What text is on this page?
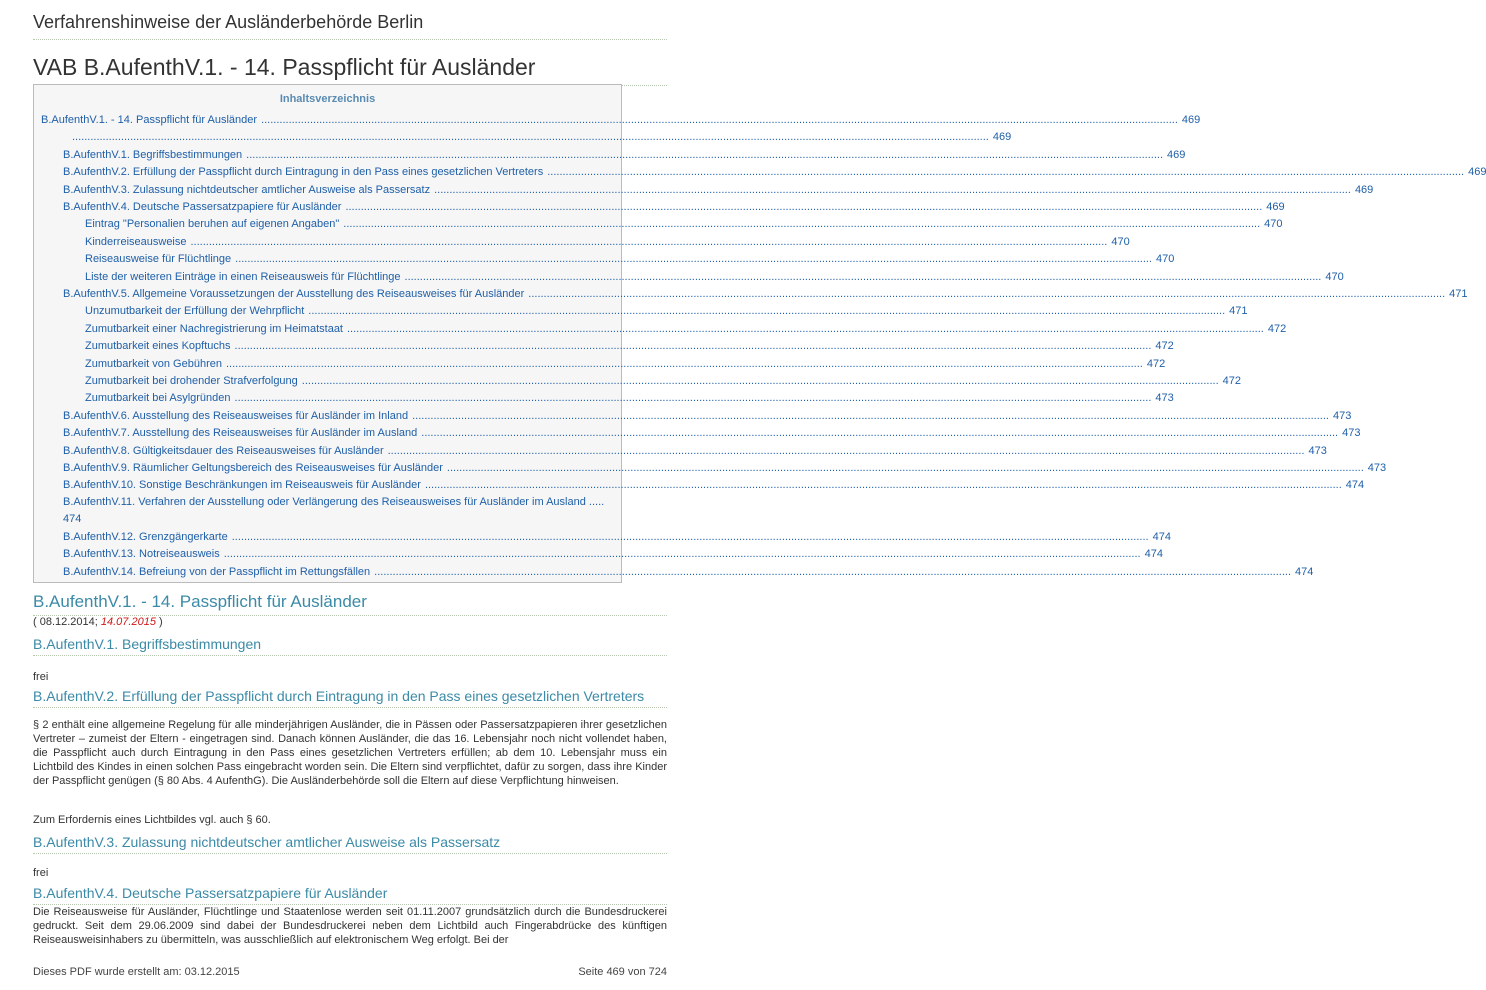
Verfahrenshinweise der Ausländerbehörde Berlin
VAB B.AufenthV.1. - 14. Passpflicht für Ausländer
Inhaltsverzeichnis
B.AufenthV.1. - 14. Passpflicht für Ausländer ............................................................................................................................................................................................................................................................................................................ 469
............................................................................................................................................................................................................................................................................................................ 469
B.AufenthV.1. Begriffsbestimmungen ............................................................................................................................................................................................................................................................................................................ 469
B.AufenthV.2. Erfüllung der Passpflicht durch Eintragung in den Pass eines gesetzlichen Vertreters ............................................................................................................................................................................................................................................................................................................ 469
B.AufenthV.3. Zulassung nichtdeutscher amtlicher Ausweise als Passersatz ............................................................................................................................................................................................................................................................................................................ 469
B.AufenthV.4. Deutsche Passersatzpapiere für Ausländer ............................................................................................................................................................................................................................................................................................................ 469
Eintrag "Personalien beruhen auf eigenen Angaben" ............................................................................................................................................................................................................................................................................................................ 470
Kinderreiseausweise ............................................................................................................................................................................................................................................................................................................ 470
Reiseausweise für Flüchtlinge ............................................................................................................................................................................................................................................................................................................ 470
Liste der weiteren Einträge in einen Reiseausweis für Flüchtlinge ............................................................................................................................................................................................................................................................................................................ 470
B.AufenthV.5. Allgemeine Voraussetzungen der Ausstellung des Reiseausweises für Ausländer ............................................................................................................................................................................................................................................................................................................ 471
Unzumutbarkeit der Erfüllung der Wehrpflicht ............................................................................................................................................................................................................................................................................................................ 471
Zumutbarkeit einer Nachregistrierung im Heimatstaat ............................................................................................................................................................................................................................................................................................................ 472
Zumutbarkeit eines Kopftuchs ............................................................................................................................................................................................................................................................................................................ 472
Zumutbarkeit von Gebühren ............................................................................................................................................................................................................................................................................................................ 472
Zumutbarkeit bei drohender Strafverfolgung ............................................................................................................................................................................................................................................................................................................ 472
Zumutbarkeit bei Asylgründen ............................................................................................................................................................................................................................................................................................................ 473
B.AufenthV.6. Ausstellung des Reiseausweises für Ausländer im Inland ............................................................................................................................................................................................................................................................................................................ 473
B.AufenthV.7. Ausstellung des Reiseausweises für Ausländer im Ausland ............................................................................................................................................................................................................................................................................................................ 473
B.AufenthV.8. Gültigkeitsdauer des Reiseausweises für Ausländer ............................................................................................................................................................................................................................................................................................................ 473
B.AufenthV.9. Räumlicher Geltungsbereich des Reiseausweises für Ausländer ............................................................................................................................................................................................................................................................................................................ 473
B.AufenthV.10. Sonstige Beschränkungen im Reiseausweis für Ausländer ............................................................................................................................................................................................................................................................................................................ 474
B.AufenthV.11. Verfahren der Ausstellung oder Verlängerung des Reiseausweises für Ausländer im Ausland .....
474
B.AufenthV.12. Grenzgängerkarte ............................................................................................................................................................................................................................................................................................................ 474
B.AufenthV.13. Notreiseausweis ............................................................................................................................................................................................................................................................................................................ 474
B.AufenthV.14. Befreiung von der Passpflicht im Rettungsfällen ............................................................................................................................................................................................................................................................................................................ 474
B.AufenthV.1. - 14. Passpflicht für Ausländer
( 08.12.2014; 14.07.2015 )
B.AufenthV.1. Begriffsbestimmungen
frei
B.AufenthV.2. Erfüllung der Passpflicht durch Eintragung in den Pass eines gesetzlichen Vertreters
§ 2 enthält eine allgemeine Regelung für alle minderjährigen Ausländer, die in Pässen oder Passersatzpapieren ihrer gesetzlichen Vertreter – zumeist der Eltern - eingetragen sind. Danach können Ausländer, die das 16. Lebensjahr noch nicht vollendet haben, die Passpflicht auch durch Eintragung in den Pass eines gesetzlichen Vertreters erfüllen; ab dem 10. Lebensjahr muss ein Lichtbild des Kindes in einen solchen Pass eingebracht worden sein. Die Eltern sind verpflichtet, dafür zu sorgen, dass ihre Kinder der Passpflicht genügen (§ 80 Abs. 4 AufenthG). Die Ausländerbehörde soll die Eltern auf diese Verpflichtung hinweisen.
Zum Erfordernis eines Lichtbildes vgl. auch § 60.
B.AufenthV.3. Zulassung nichtdeutscher amtlicher Ausweise als Passersatz
frei
B.AufenthV.4. Deutsche Passersatzpapiere für Ausländer
Die Reiseausweise für Ausländer, Flüchtlinge und Staatenlose werden seit 01.11.2007 grundsätzlich durch die Bundesdruckerei gedruckt. Seit dem 29.06.2009 sind dabei der Bundesdruckerei neben dem Lichtbild auch Fingerabdrücke des künftigen Reiseausweisinhabers zu übermitteln, was ausschließlich auf elektronischem Weg erfolgt. Bei der
Dieses PDF wurde erstellt am: 03.12.2015	Seite 469 von 724
